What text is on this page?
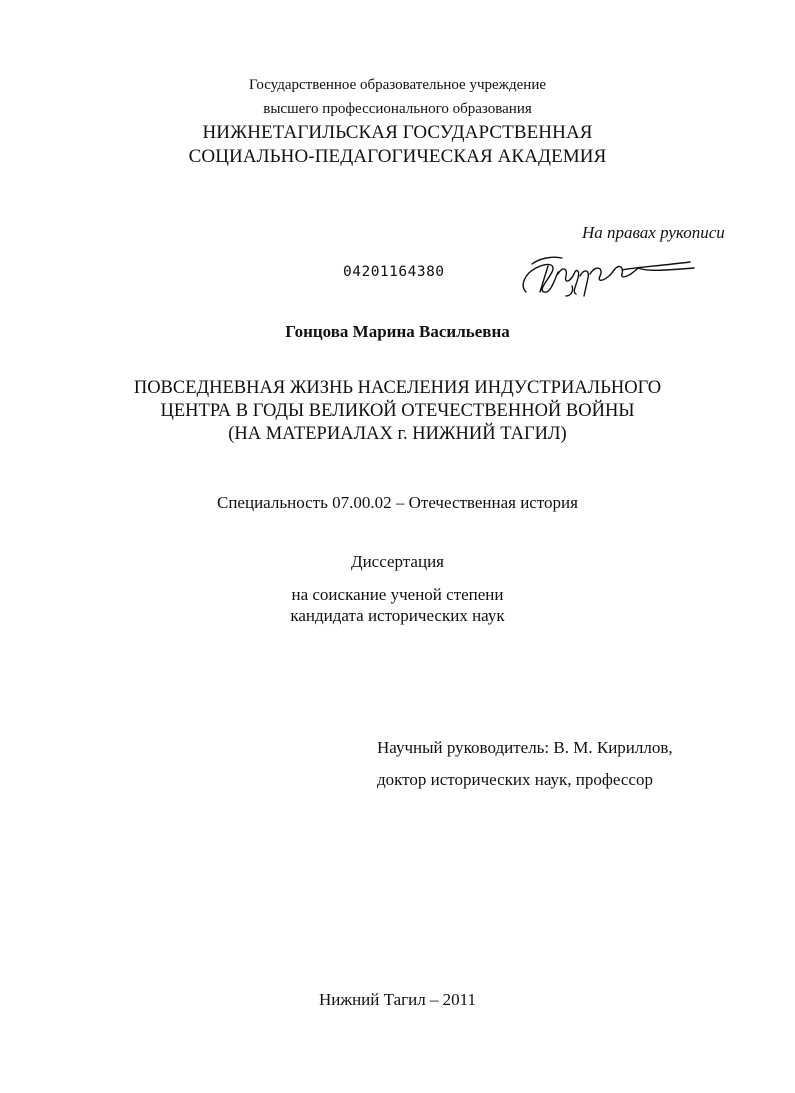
Государственное образовательное учреждение
высшего профессионального образования
НИЖНЕТАГИЛЬСКАЯ ГОСУДАРСТВЕННАЯ
СОЦИАЛЬНО-ПЕДАГОГИЧЕСКАЯ АКАДЕМИЯ
На правах рукописи
04201164380
Гонцова Марина Васильевна
ПОВСЕДНЕВНАЯ ЖИЗНЬ НАСЕЛЕНИЯ ИНДУСТРИАЛЬНОГО
ЦЕНТРА В ГОДЫ ВЕЛИКОЙ ОТЕЧЕСТВЕННОЙ ВОЙНЫ
(НА МАТЕРИАЛАХ г. НИЖНИЙ ТАГИЛ)
Специальность 07.00.02 – Отечественная история
Диссертация
на соискание ученой степени
кандидата исторических наук
Научный руководитель: В. М. Кириллов,
доктор исторических наук, профессор
Нижний Тагил – 2011
